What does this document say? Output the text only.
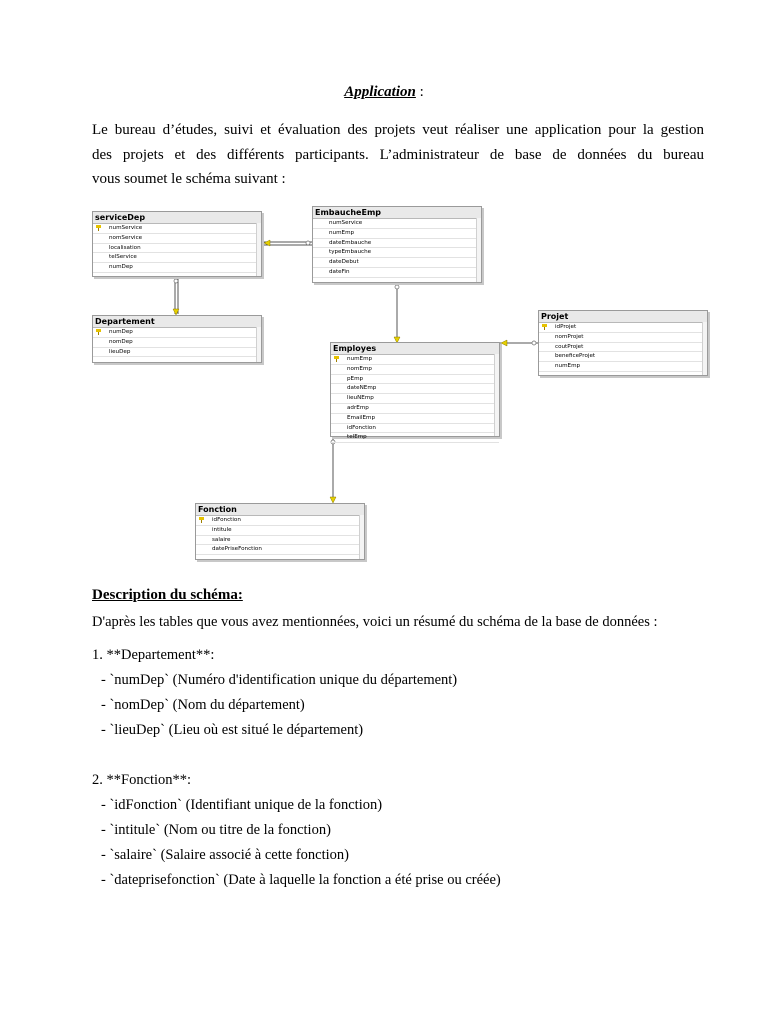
Application :
Le bureau d’études, suivi et évaluation des projets veut réaliser une application pour la gestion
des projets et des différents participants. L’administrateur de base de données du bureau
vous soumet le schéma suivant :
serviceDep
numService
nomService
localisation
telService
numDep
EmbaucheEmp
numService
numEmp
dateEmbauche
typeEmbauche
dateDebut
dateFin
Departement
numDep
nomDep
lieuDep
Projet
idProjet
nomProjet
coutProjet
beneficeProjet
numEmp
Employes
numEmp
nomEmp
pEmp
dateNEmp
lieuNEmp
adrEmp
EmailEmp
idFonction
telEmp
Fonction
idFonction
intitule
salaire
datePriseFonction
Description du schéma:
D'après les tables que vous avez mentionnées, voici un résumé du schéma de la base de données :
1. **Departement**:
- `numDep` (Numéro d'identification unique du département)
- `nomDep` (Nom du département)
- `lieuDep` (Lieu où est situé le département)
2. **Fonction**:
- `idFonction` (Identifiant unique de la fonction)
- `intitule` (Nom ou titre de la fonction)
- `salaire` (Salaire associé à cette fonction)
- `dateprisefonction` (Date à laquelle la fonction a été prise ou créée)
